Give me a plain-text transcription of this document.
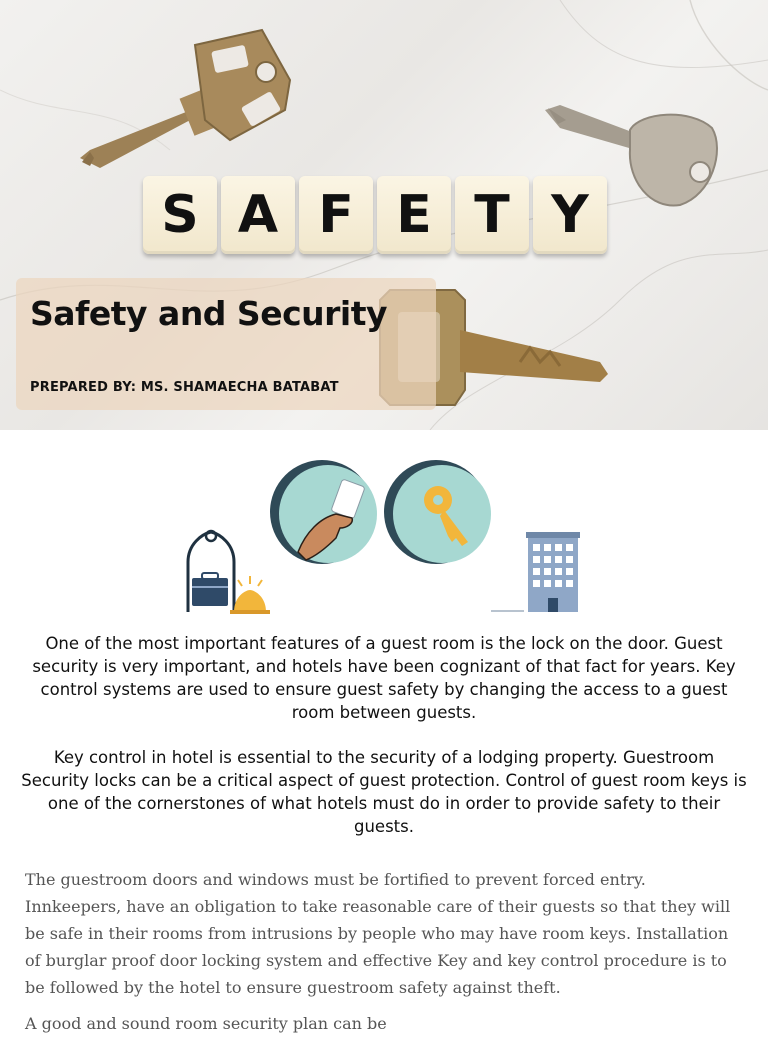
S A F E T Y
Safety and Security

PREPARED BY: MS. SHAMAECHA BATABAT

One of the most important features of a guest room is the lock on the door. Guest security is very important, and hotels have been cognizant of that fact for years. Key control systems are used to ensure guest safety by changing the access to a guest room between guests.

Key control in hotel is essential to the security of a lodging property. Guestroom Security locks can be a critical aspect of guest protection. Control of guest room keys is one of the cornerstones of what hotels must do in order to provide safety to their guests.

The guestroom doors and windows must be fortified to prevent forced entry. Innkeepers, have an obligation to take reasonable care of their guests so that they will be safe in their rooms from intrusions by people who may have room keys. Installation of burglar proof door locking system and effective Key and key control procedure is to be followed by the hotel to ensure guestroom safety against theft.

A good and sound room security plan can be
